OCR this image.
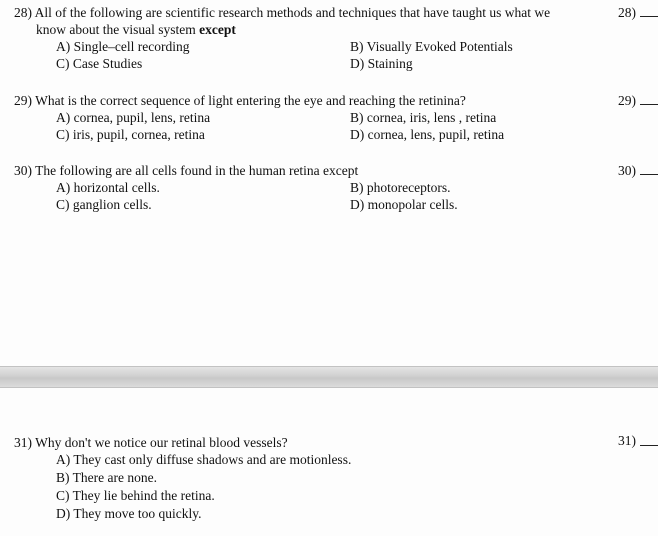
28) All of the following are scientific research methods and techniques that have taught us what we
know about the visual system except
A) Single–cell recording	B) Visually Evoked Potentials
C) Case Studies	D) Staining
28)
29) What is the correct sequence of light entering the eye and reaching the retinina?
A) cornea, pupil, lens, retina	B) cornea, iris, lens , retina
C) iris, pupil, cornea, retina	D) cornea, lens, pupil, retina
29)
30) The following are all cells found in the human retina except
A) horizontal cells.	B) photoreceptors.
C) ganglion cells.	D) monopolar cells.
30)
31) Why don't we notice our retinal blood vessels?
A) They cast only diffuse shadows and are motionless.
B) There are none.
C) They lie behind the retina.
D) They move too quickly.
31)
